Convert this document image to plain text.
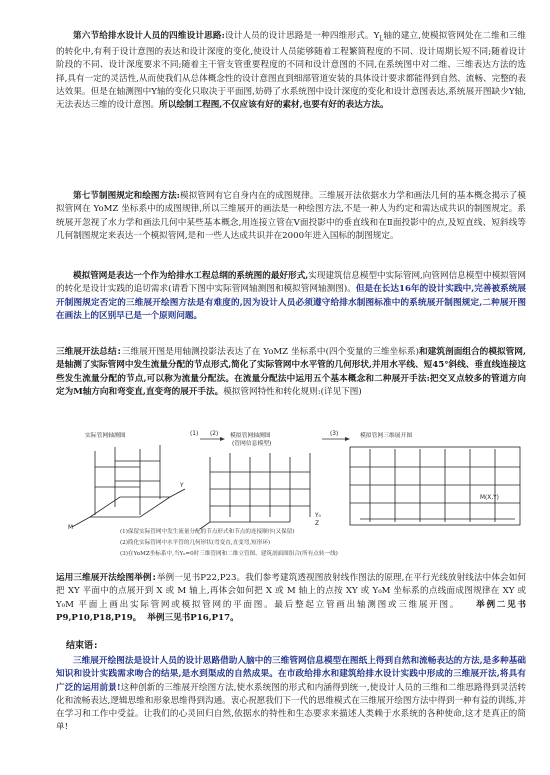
第六节给排水设计人员的四维设计思路:设计人员的设计思路是一种四维形式。$Y_L$轴的建立,使模拟管网处在二维和三维的转化中,有利于设计意图的表达和设计深度的变化,使设计人员能够随着工程繁简程度的不同、设计周期长短不同;随着设计阶段的不同、设计深度要求不同;随着主干管支管重要程度的不同和设计意图的不同,在系统图中对二维、三维表达方法的选择,具有一定的灵活性,从而使我们从总体概念性的设计意图直到细部管道安装的具体设计要求都能得到自然、流畅、完整的表达效果。但是在轴测图中Y轴的变化只取决于平面图,妨碍了水系统图中设计深度的变化和设计意图表达,系统展开图缺少Y轴,无法表达三维的设计意图。所以绘制工程图,不仅应该有好的素材,也要有好的表达方法。

第七节制图规定和绘图方法:模拟管网有它自身内在的成图规律。三维展开法依据水力学和画法几何的基本概念揭示了模拟管网在 YoMZ 坐标系中的成图规律,所以三维展开的画法是一种绘图方法,不是一种人为约定和需达成共识的制图规定。系统展开忽视了水力学和画法几何中某些基本概念,用连接立管在Ⅴ面投影中的垂直线和在Ⅱ面投影中的点,及短直线、短斜线等几何制图规定来表达一个模拟管网,是和一些人达成共识并在2000年进入国标的制图规定。

模拟管网是表达一个作为给排水工程总纲的系统图的最好形式,实现建筑信息模型中实际管网,向管网信息模型中模拟管网的转化是设计实践的追切需求(请看下图中实际管网轴测图和模拟管网轴测图)。但是在长达16年的设计实践中,完善被系统展开制图规定否定的三维展开绘图方法是有难度的,因为设计人员必须遵守给排水制图标准中的系统展开制图规定,二种展开图在画法上的区别早已是一个原则问题。

三维展开法总结:三维展开图是用轴测投影法表达了在 YoMZ 坐标系中(四个变量的三维坐标系)和建筑剖面组合的模拟管网,是轴测了实际管网中发生流量分配的节点形式,简化了实际管网中水平管的几何形状,并用水平线、短45°斜线、垂直线连接这些发生流量分配的节点,可以称为流量分配法。在流量分配法中运用五个基本概念和二种展开手法:把交叉点较多的管道方向定为M轴方向和弯变直,直变弯的展开手法。模拟管网特性和转化规则:(详见下图)

(1) (2)	(3)
实际管网轴测图	模拟管网轴测图
(管网信息模型)
模拟管网三维展开图
Y
M
Y₀
Z
M(X,Y)
(1)保留实际管网中发生流量分配的节点形式和节点的连接顺序(又保留)
(2)简化实际管网中水平管的几何形状(弯变直,直变弯,短形环)
(3)在YoMZ坐标系中,当Y₀=0时三维管网和二维立管图、建筑剖面图组合(所有点转一线)

运用三维展开法绘图举例:举例一见书P22,P23。我们参考建筑透视图放射线作图法的原理,在平行光线放射线法中体会如何把 XY 平面中的点展开到 X 或 M 轴上,再体会如何把 X 或 M 轴上的点按 XY 或 Y₀M 坐标系的点线面成图规律在 XY 或 Y₀M 平面上画出实际管网或模拟管网的平面图。最后整起立管画出轴测图或三维展开图。 举例二见书P9,P10,P18,P19。 举例三见书P16,P17。

结束语:

三维展开绘图法是设计人员的设计思路借助人脑中的三维管网信息模型在图纸上得到自然和流畅表达的方法,是多种基础知识和设计实践需求吻合的结果,是水到渠成的自然成果。在市政给排水和建筑给排水设计实践中形成的三维展开法,将具有广泛的运用前景!这种创新的三维展开绘图方法,使水系统图的形式和内涵得到统一,使设计人员的三维和二维思路得到灵活转化和流畅表达,逻辑思维和形象思维得到沟通。衷心祝愿我们下一代的思维模式在三维展开绘图方法中得到一种有益的训练,并在学习和工作中受益。让我们的心灵回归自然,依据水的特性和生态要求来描述人类赖于水系统的各种使命,这才是真正的简单!
